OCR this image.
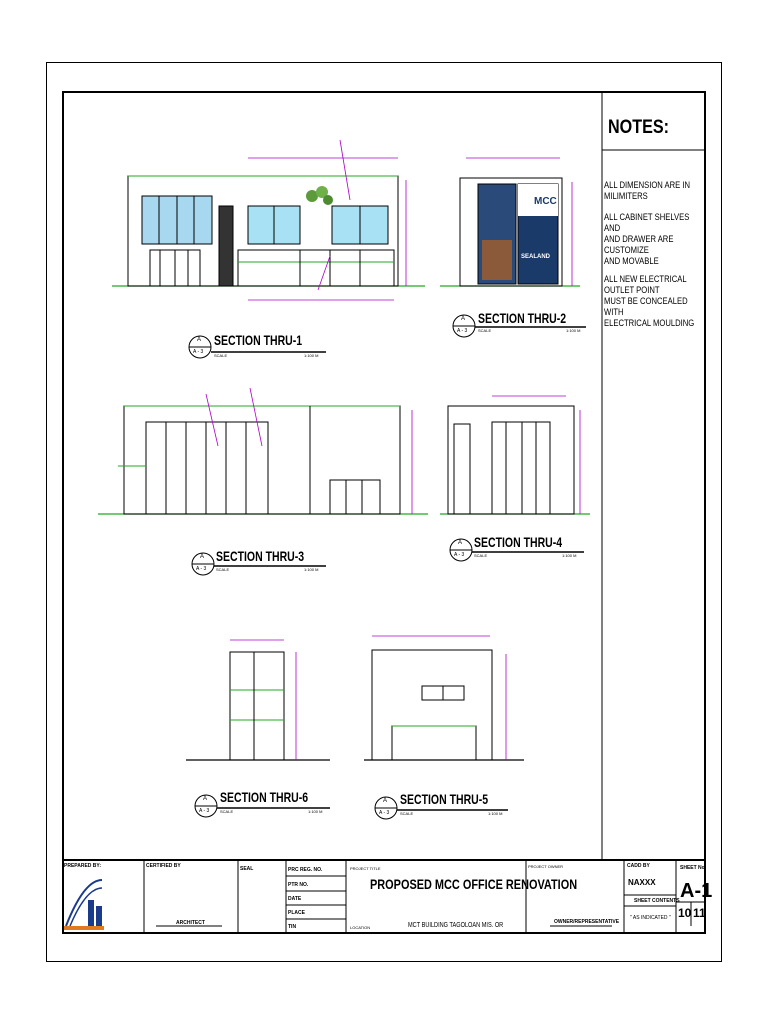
MCC
SEALAND
NOTES:
ALL DIMENSION ARE IN MILIMITERS
ALL CABINET SHELVES AND
AND DRAWER ARE CUSTOMIZE
AND MOVABLE
ALL NEW ELECTRICAL OUTLET POINT
MUST BE CONCEALED WITH
ELECTRICAL MOULDING
SECTION THRU-1
SECTION THRU-2
SECTION THRU-3
SECTION THRU-4
SECTION THRU-6	SECTION THRU-5
A
A - 3
A
A - 3
A
A - 3
A
A - 3
A
A - 3
A
A - 3
SCALE	1:100 M
SCALE	1:100 M
SCALE	1:100 M
SCALE	1:100 M
SCALE	1:100 M	SCALE	1:100 M
PREPARED BY:	CERTIFIED BY	SEAL
ARCHITECT
PRC REG. NO.
PTR NO.
DATE
PLACE
TIN
PROJECT TITLE
PROPOSED MCC OFFICE RENOVATION
LOCATION	MCT BUILDING TAGOLOAN MIS. OR
PROJECT OWNER
OWNER/REPRESENTATIVE
CADD BY
NAXXX
SHEET CONTENTS
" AS INDICATED "
SHEET No.
A-1
10 11
